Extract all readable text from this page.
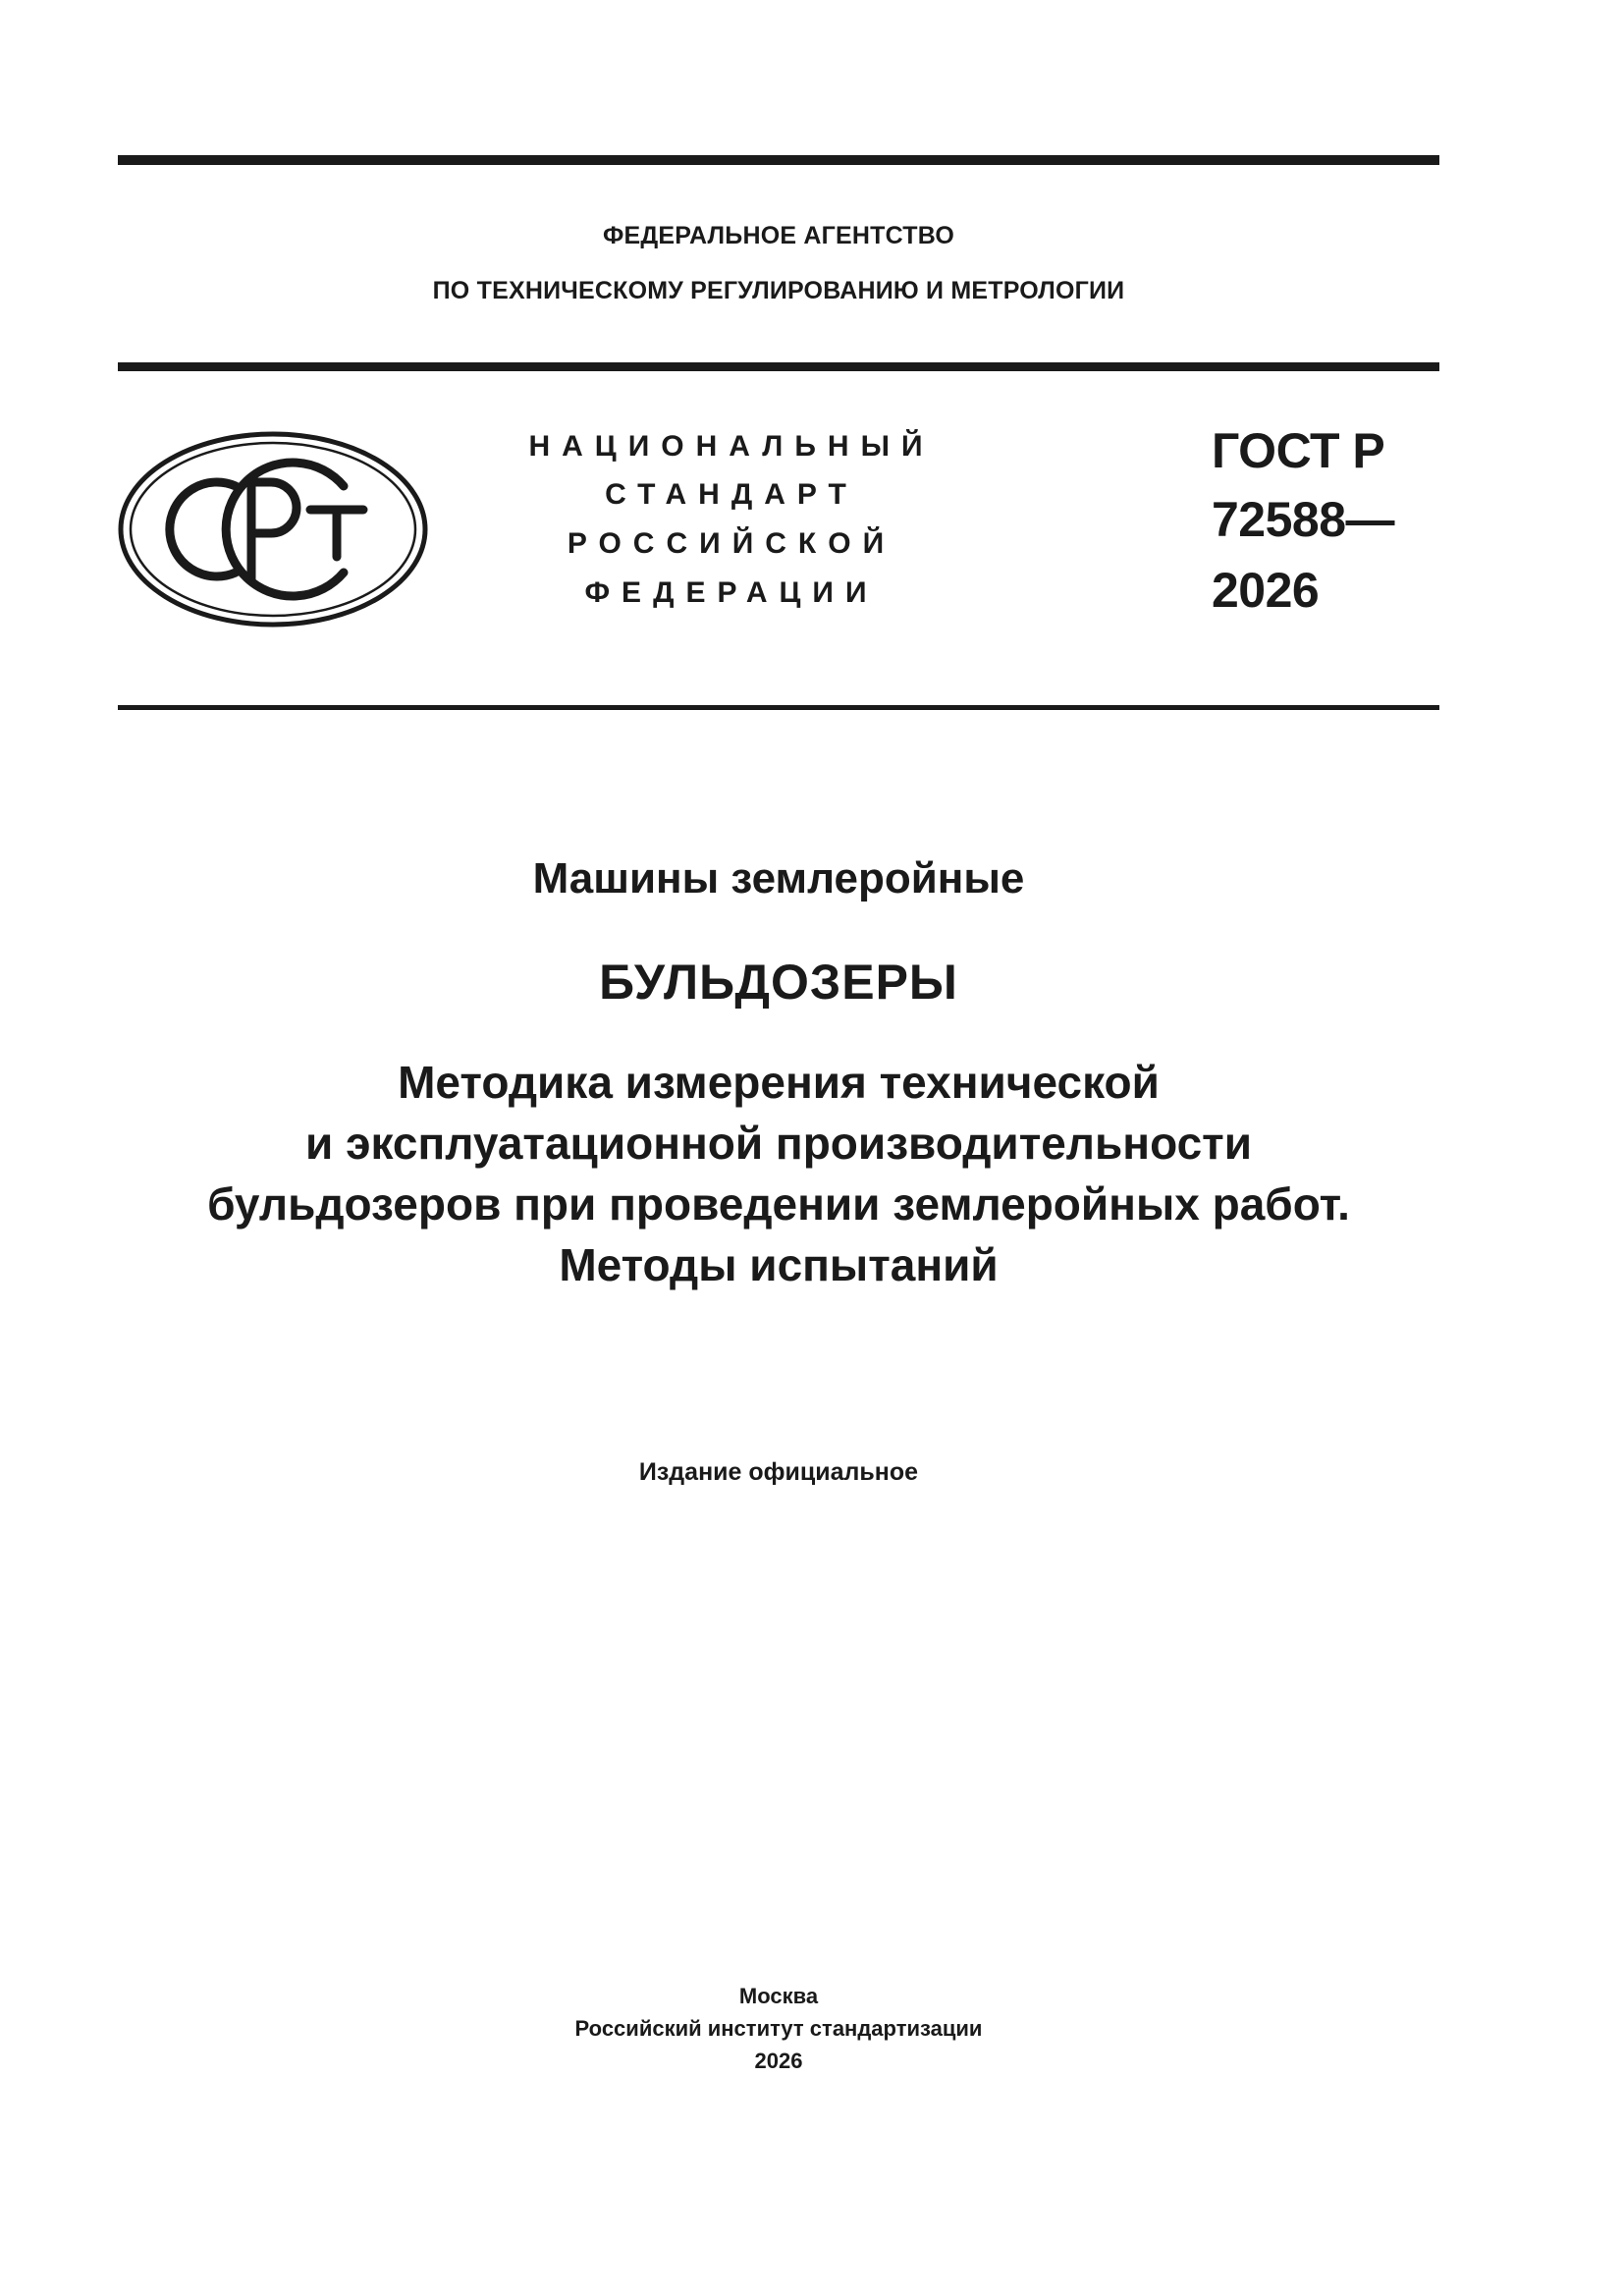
ФЕДЕРАЛЬНОЕ АГЕНТСТВО
ПО ТЕХНИЧЕСКОМУ РЕГУЛИРОВАНИЮ И МЕТРОЛОГИИ
НАЦИОНАЛЬНЫЙ
СТАНДАРТ
РОССИЙСКОЙ
ФЕДЕРАЦИИ
ГОСТ Р
72588—
2026
Машины землеройные
БУЛЬДОЗЕРЫ
Методика измерения технической
и эксплуатационной производительности
бульдозеров при проведении землеройных работ.
Методы испытаний
Издание официальное
Москва
Российский институт стандартизации
2026
